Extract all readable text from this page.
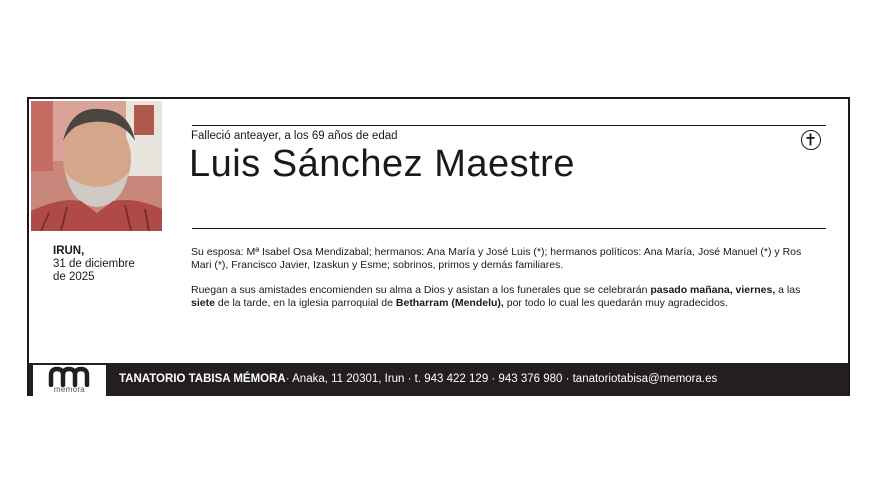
IRUN,
31 de diciembre
de 2025
Falleció anteayer, a los 69 años de edad
Luis Sánchez Maestre
Su esposa: Mª Isabel Osa Mendizabal; hermanos: Ana María y José Luis (*); hermanos políticos: Ana María, José Manuel (*) y Ros Mari (*), Francisco Javier, Izaskun y Esme; sobrinos, primos y demás familiares.
Ruegan a sus amistades encomienden su alma a Dios y asistan a los funerales que se celebrarán pasado mañana, viernes, a las siete de la tarde, en la iglesia parroquial de Betharram (Mendelu), por todo lo cual les quedarán muy agradecidos.
memora
TANATORIO TABISA MÉMORA· Anaka, 11 20301, Irun · t. 943 422 129 · 943 376 980 · tanatoriotabisa@memora.es
